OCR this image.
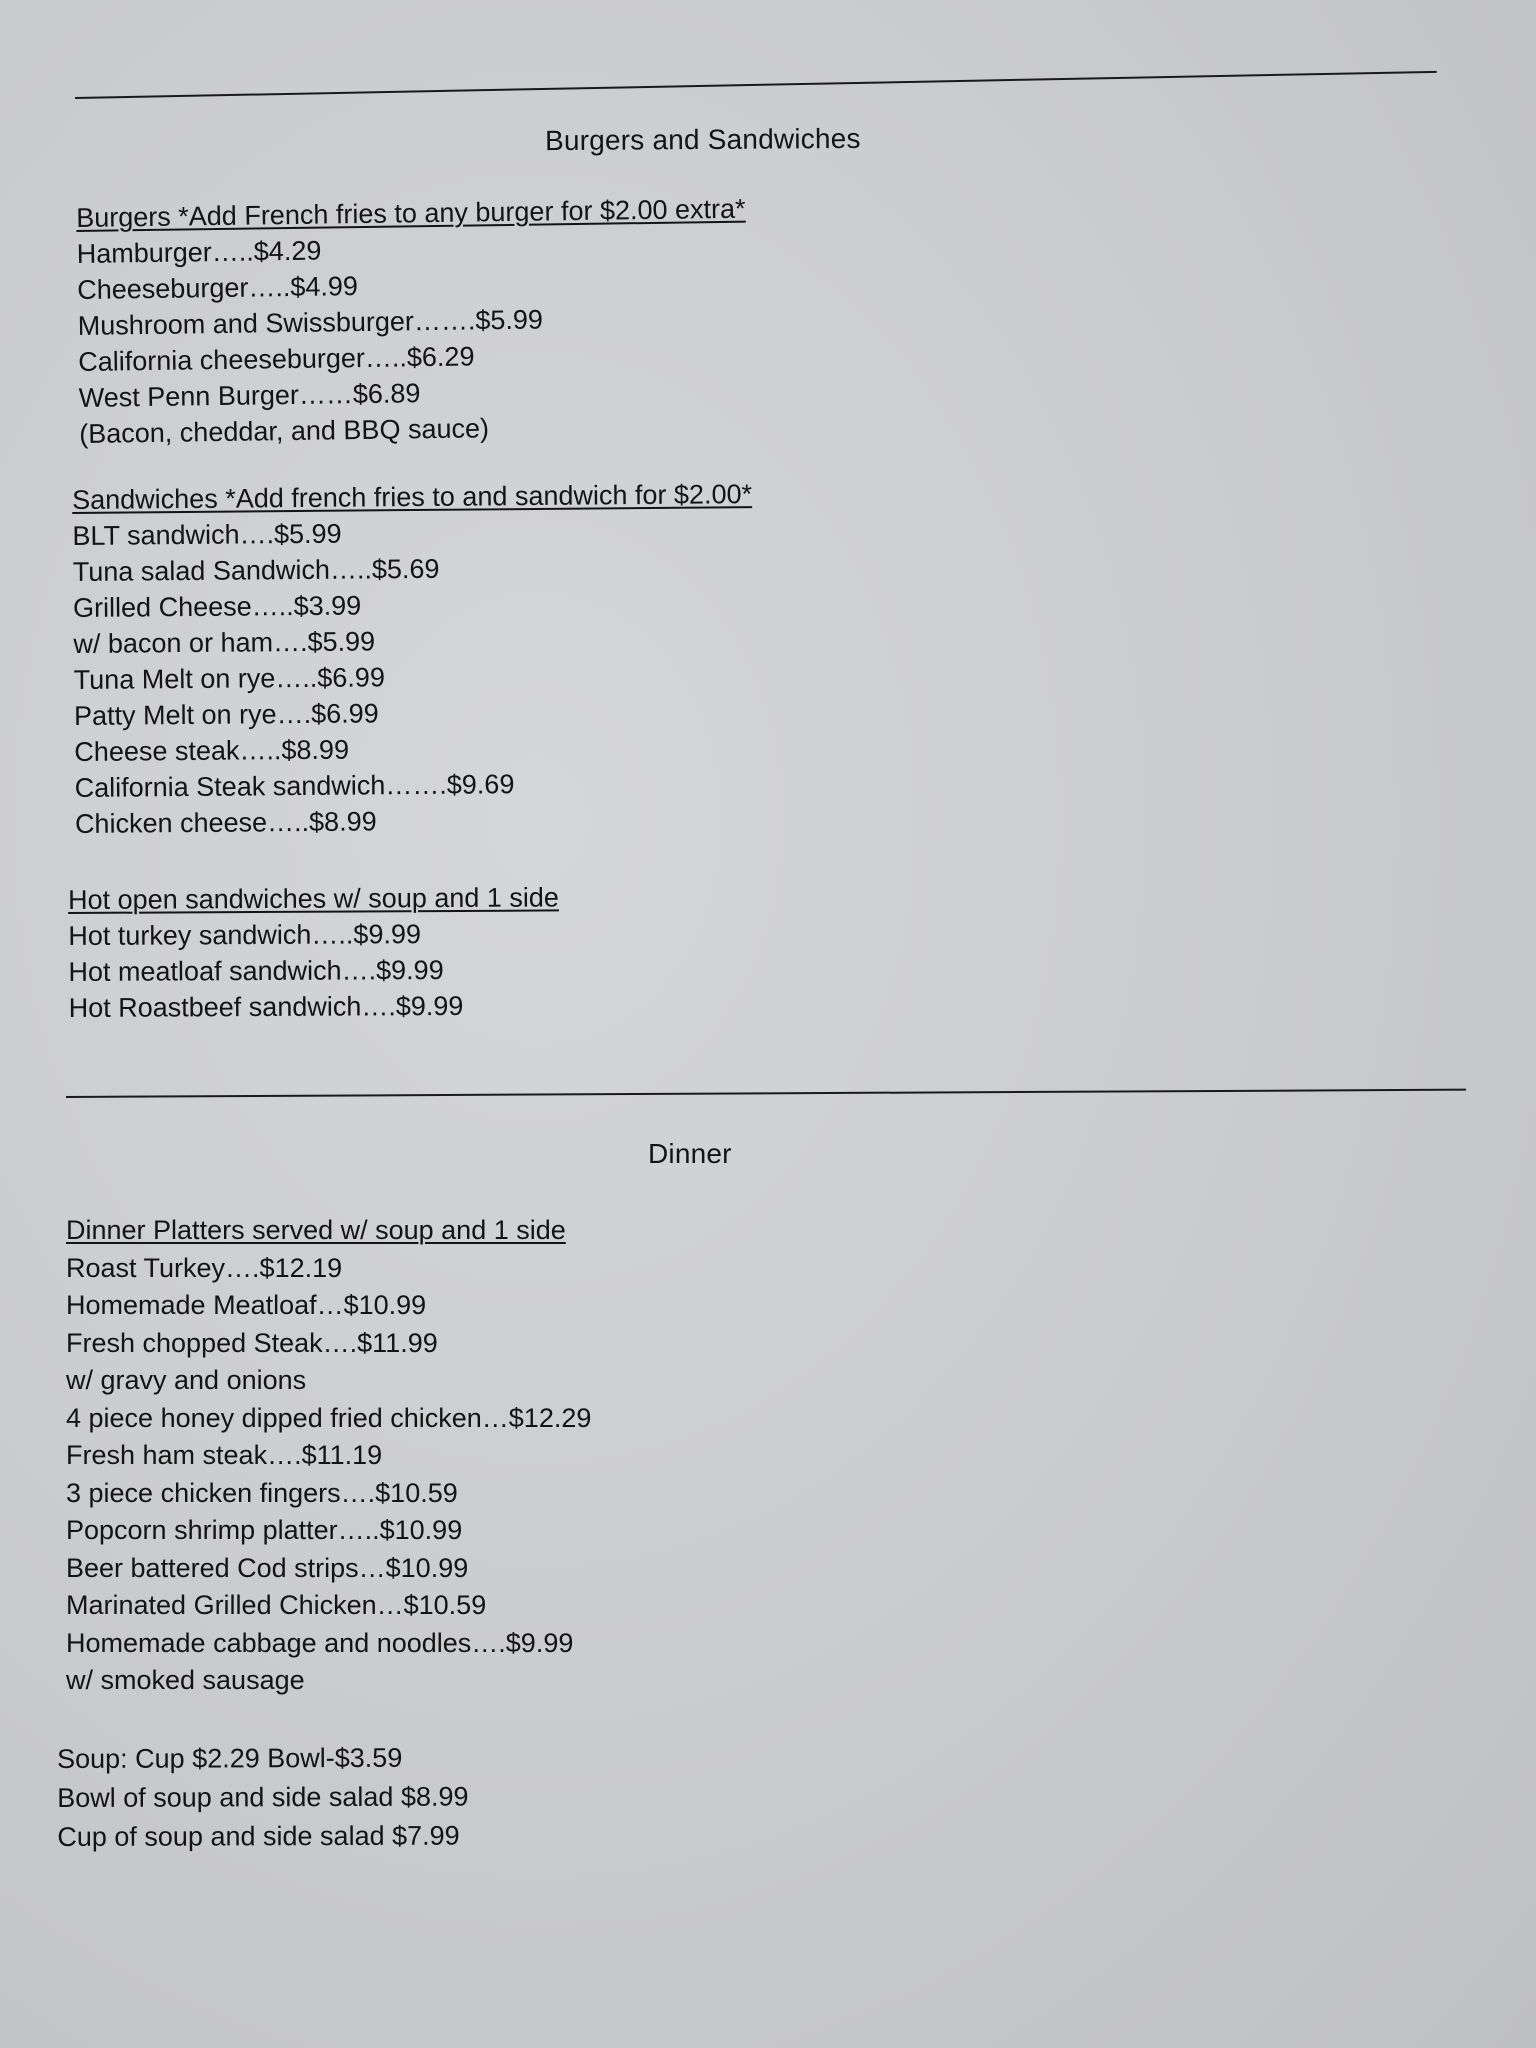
Burgers and Sandwiches
Burgers *Add French fries to any burger for $2.00 extra*
Hamburger…..$4.29
Cheeseburger…..$4.99
Mushroom and Swissburger…….$5.99
California cheeseburger…..$6.29
West Penn Burger……$6.89
(Bacon, cheddar, and BBQ sauce)
Sandwiches *Add french fries to and sandwich for $2.00*
BLT sandwich….$5.99
Tuna salad Sandwich…..$5.69
Grilled Cheese…..$3.99
w/ bacon or ham….$5.99
Tuna Melt on rye…..$6.99
Patty Melt on rye….$6.99
Cheese steak…..$8.99
California Steak sandwich…….$9.69
Chicken cheese…..$8.99
Hot open sandwiches w/ soup and 1 side
Hot turkey sandwich…..$9.99
Hot meatloaf sandwich….$9.99
Hot Roastbeef sandwich….$9.99
Dinner
Dinner Platters served w/ soup and 1 side
Roast Turkey….$12.19
Homemade Meatloaf…$10.99
Fresh chopped Steak….$11.99
w/ gravy and onions
4 piece honey dipped fried chicken…$12.29
Fresh ham steak….$11.19
3 piece chicken fingers….$10.59
Popcorn shrimp platter…..$10.99
Beer battered Cod strips…$10.99
Marinated Grilled Chicken…$10.59
Homemade cabbage and noodles….$9.99
w/ smoked sausage
Soup: Cup $2.29 Bowl-$3.59
Bowl of soup and side salad $8.99
Cup of soup and side salad $7.99
